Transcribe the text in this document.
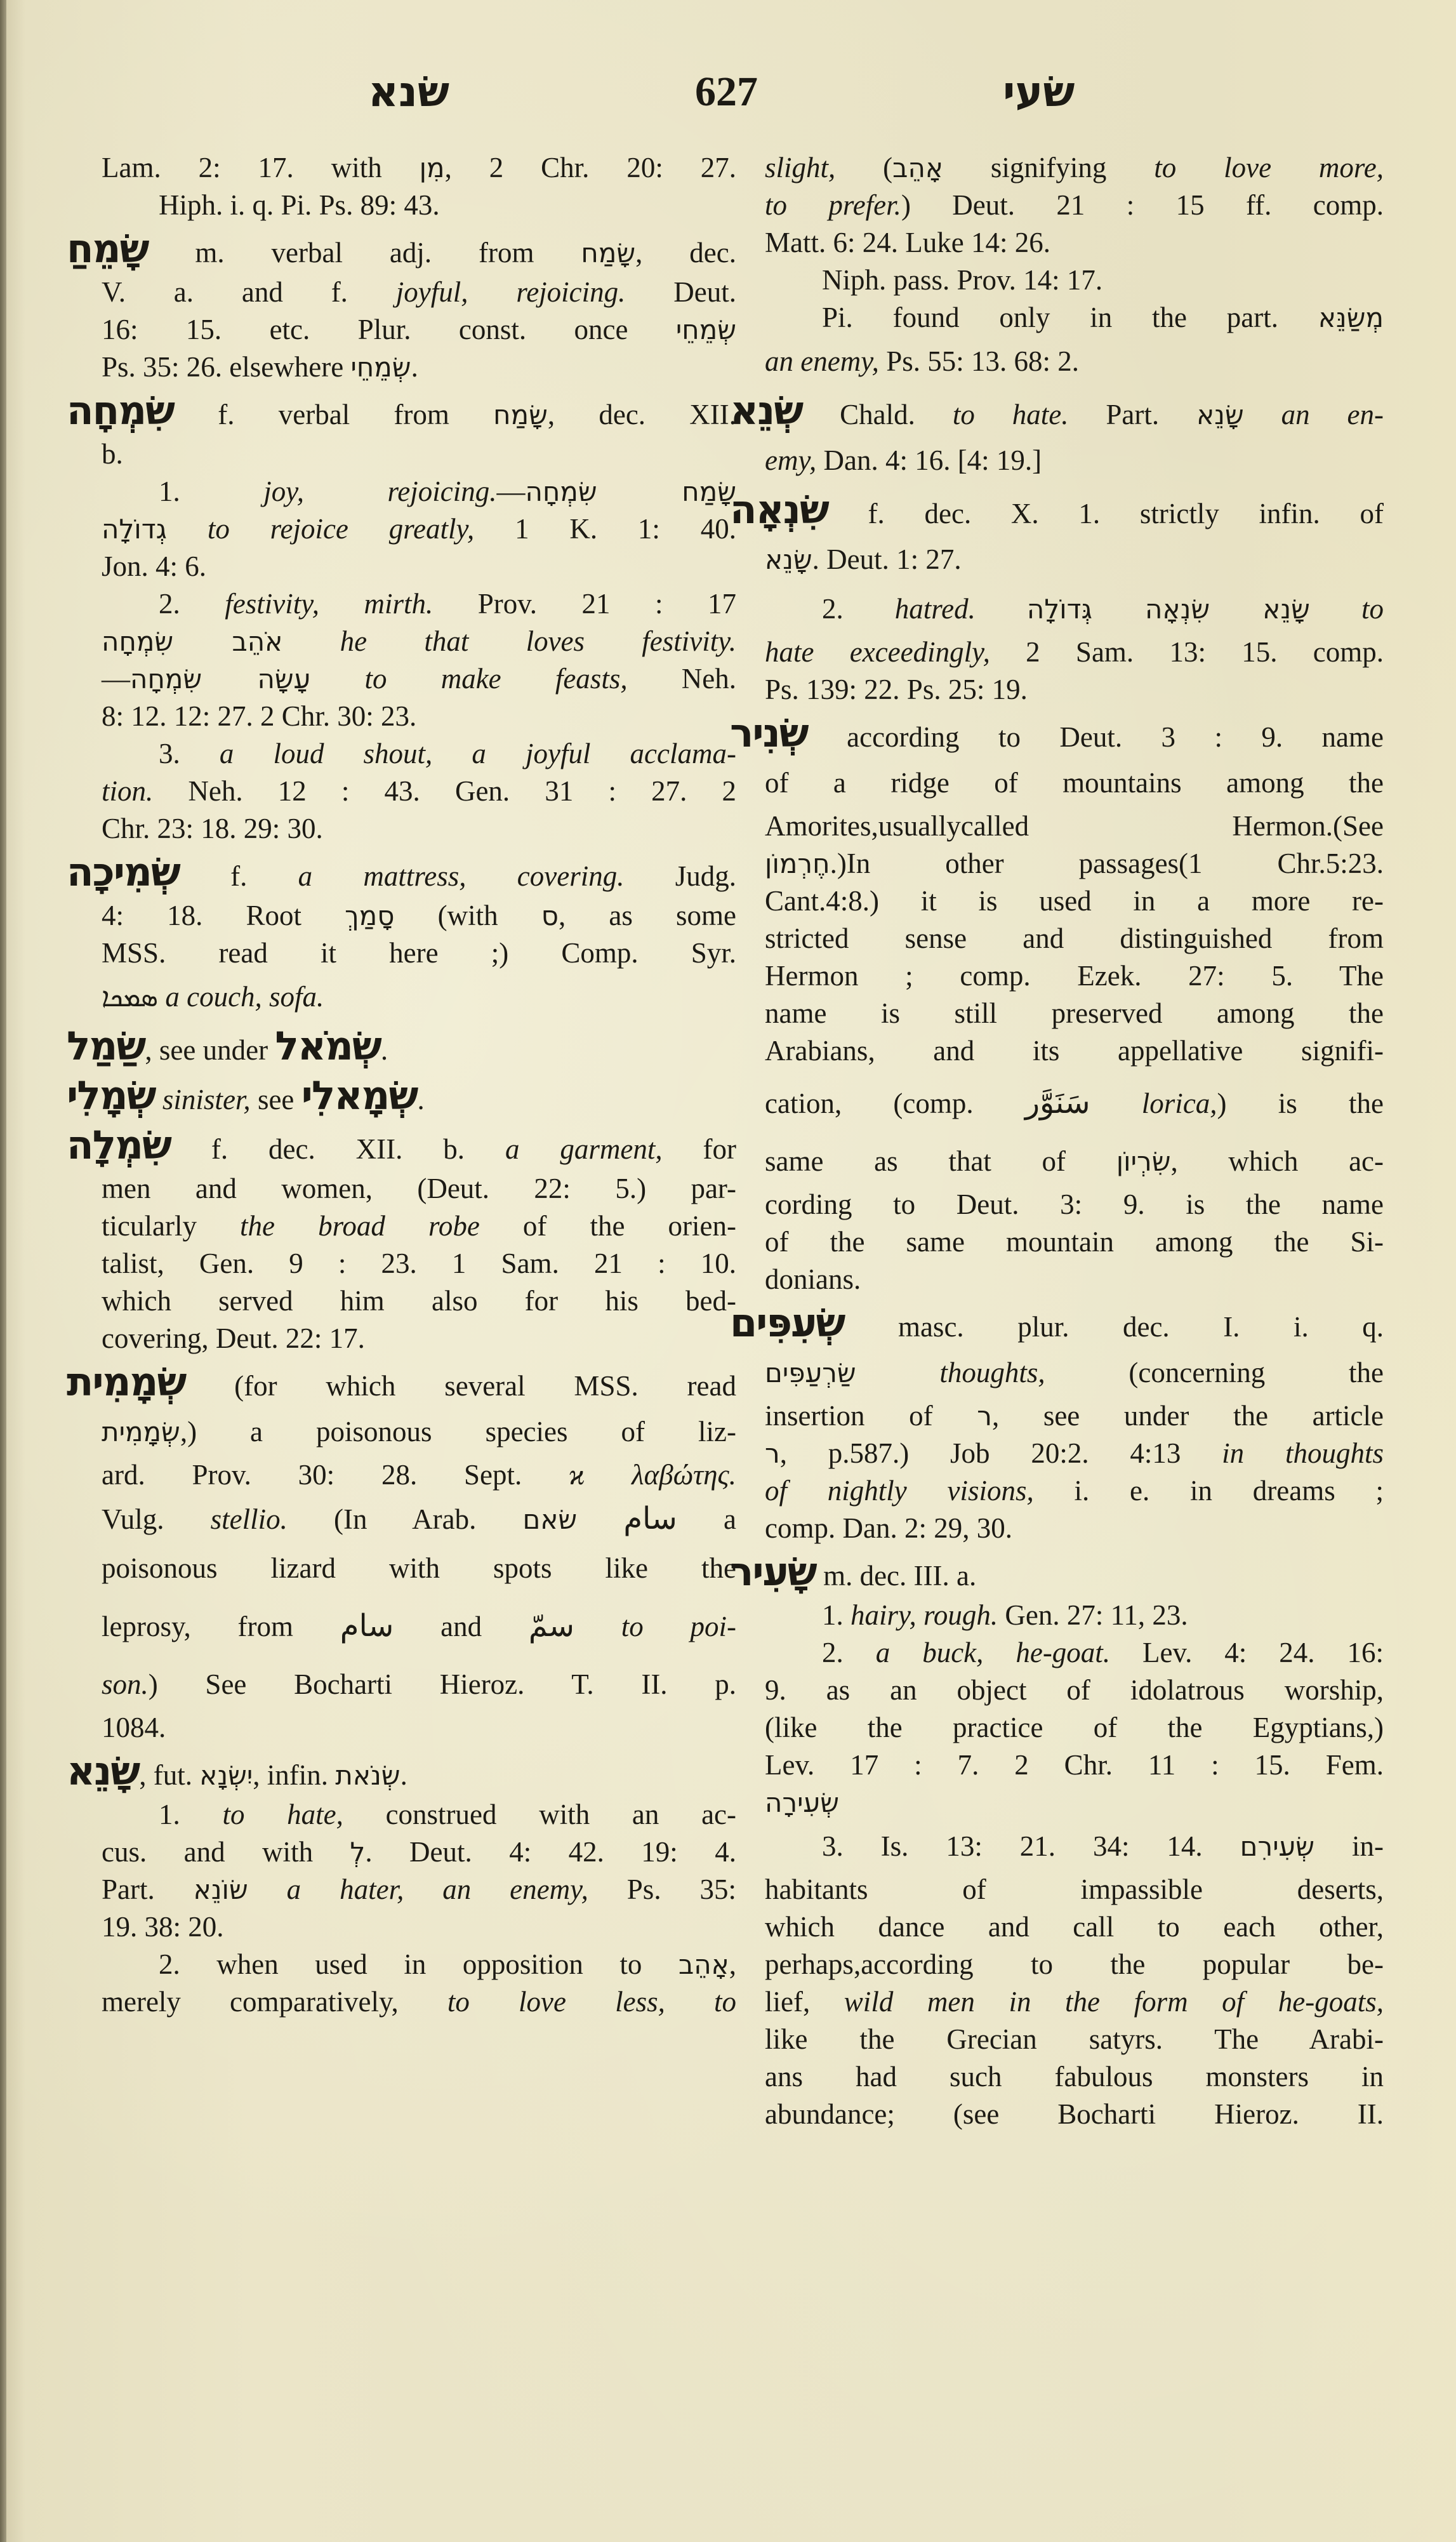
שׂנא	627	שׂעי
Lam. 2: 17. with מִן, 2 Chr. 20: 27.
Hiph. i. q. Pi. Ps. 89: 43.
שָׂמֵחַ m. verbal adj. from שָׂמַח, dec.
V. a. and f. joyful, rejoicing. Deut.
16: 15. etc. Plur. const. once שְׂמֵחֵי
Ps. 35: 26. elsewhere שְׂמֵחֵי.
שִׂמְחָה f. verbal from שָׂמַח, dec. XII.
b.
1. joy, rejoicing.—שָׂמַח שִׂמְחָה
גְדוֹלָה to rejoice greatly, 1 K. 1: 40.
Jon. 4: 6.
2. festivity, mirth. Prov. 21 : 17
אֹהֵב שִׂמְחָה he that loves festivity.
—עָשָׂה שִׂמְחָה to make feasts, Neh.
8: 12. 12: 27. 2 Chr. 30: 23.
3. a loud shout, a joyful acclama-
tion. Neh. 12 : 43. Gen. 31 : 27. 2
Chr. 23: 18. 29: 30.
שְׂמִיכָה f. a mattress, covering. Judg.
4: 18. Root סָמַךְ (with ס, as some
MSS. read it here ;) Comp. Syr.
ܣܡܟܐ a couch, sofa.
שַׂמַל, see under שְׂמֹאל.
שְׂמָלִי sinister, see שְׂמָאלִי.
שִׂמְלָה f. dec. XII. b. a garment, for
men and women, (Deut. 22: 5.) par-
ticularly the broad robe of the orien-
talist, Gen. 9 : 23. 1 Sam. 21 : 10.
which served him also for his bed-
covering, Deut. 22: 17.
שְׂמָמִית (for which several MSS. read
שְׂמָמִית,) a poisonous species of liz-
ard. Prov. 30: 28. Sept. ϰ λαβώτης.
Vulg. stellio. (In Arab. שׂאם سام a
poisonous lizard with spots like the
leprosy, from سام and سمّ to poi-
son.) See Bocharti Hieroz. T. II. p.
1084.
שָׂנֵא, fut. יִשְׂנָא, infin. שְׂנֹאת.
1. to hate, construed with an ac-
cus. and with לְ. Deut. 4: 42. 19: 4.
Part. שׂוֹנֵא a hater, an enemy, Ps. 35:
19. 38: 20.
2. when used in opposition to אָהֵב,
merely comparatively, to love less, to
slight, (אָהֵב signifying to love more,
to prefer.) Deut. 21 : 15 ff. comp.
Matt. 6: 24. Luke 14: 26.
Niph. pass. Prov. 14: 17.
Pi. found only in the part. מְשַׂנֵּא
an enemy, Ps. 55: 13. 68: 2.
שְׂנֵא Chald. to hate. Part. שָׂנֵא an en-
emy, Dan. 4: 16. [4: 19.]
שִׂנְאָה f. dec. X. 1. strictly infin. of
שָׂנֵא. Deut. 1: 27.
2. hatred. שָׂנֵא שִׂנְאָה גְּדוֹלָה to
hate exceedingly, 2 Sam. 13: 15. comp.
Ps. 139: 22. Ps. 25: 19.
שְׂנִיר according to Deut. 3 : 9. name
of a ridge of mountains among the
Amorites,usuallycalled Hermon.(See
חֶרְמוֹן.)In other passages(1 Chr.5:23.
Cant.4:8.) it is used in a more re-
stricted sense and distinguished from
Hermon ; comp. Ezek. 27: 5. The
name is still preserved among the
Arabians, and its appellative signifi-
cation, (comp. سَنَوَّر lorica,) is the
same as that of שִׂרְיוֹן, which ac-
cording to Deut. 3: 9. is the name
of the same mountain among the Si-
donians.
שְׂעִפִּים masc. plur. dec. I. i. q.
שַׂרְעַפִּים	thoughts, (concerning the
insertion of ר, see under the article
ר, p.587.) Job 20:2. 4:13 in thoughts
of nightly visions, i. e. in dreams ;
comp. Dan. 2: 29, 30.
שָׂעִיר m. dec. III. a.
1. hairy, rough. Gen. 27: 11, 23.
2. a buck, he-goat. Lev. 4: 24. 16:
9. as an object of idolatrous worship,
(like the practice of the Egyptians,)
Lev. 17 : 7. 2 Chr. 11 : 15. Fem.
שְׂעִירָה
3. Is. 13: 21. 34: 14. שְׂעִירִם in-
habitants of impassible deserts,
which dance and call to each other,
perhaps,according to the popular be-
lief, wild men in the form of he-goats,
like the Grecian satyrs. The Arabi-
ans had such fabulous monsters in
abundance; (see Bocharti Hieroz. II.
